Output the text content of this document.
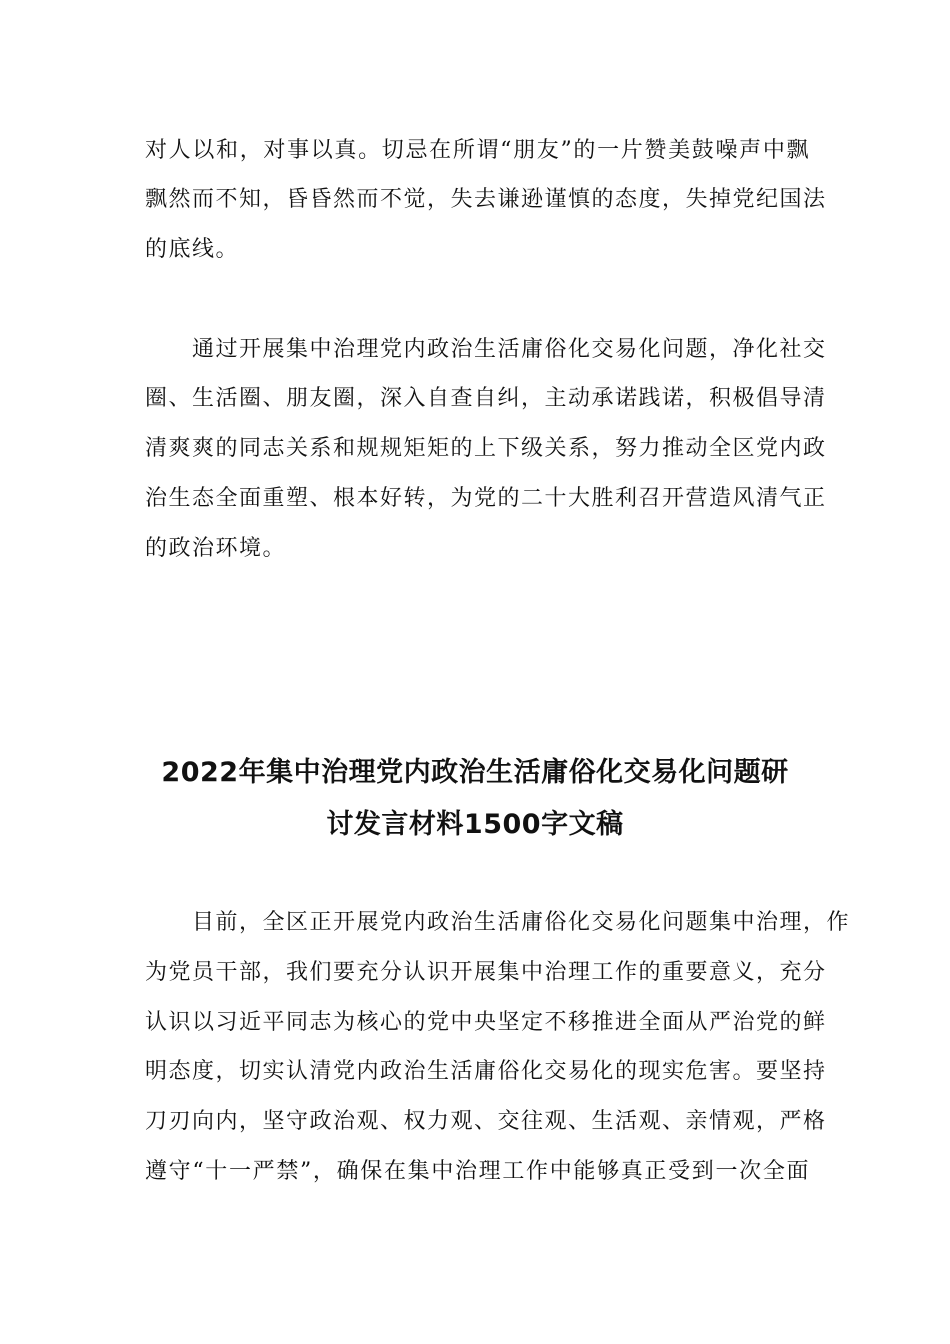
对人以和，对事以真。切忌在所谓“朋友”的一片赞美鼓噪声中飘
飘然而不知，昏昏然而不觉，失去谦逊谨慎的态度，失掉党纪国法
的底线。
　　通过开展集中治理党内政治生活庸俗化交易化问题，净化社交
圈、生活圈、朋友圈，深入自查自纠，主动承诺践诺，积极倡导清
清爽爽的同志关系和规规矩矩的上下级关系，努力推动全区党内政
治生态全面重塑、根本好转，为党的二十大胜利召开营造风清气正
的政治环境。
2022年集中治理党内政治生活庸俗化交易化问题研
讨发言材料1500字文稿
　　目前，全区正开展党内政治生活庸俗化交易化问题集中治理，作
为党员干部，我们要充分认识开展集中治理工作的重要意义，充分
认识以习近平同志为核心的党中央坚定不移推进全面从严治党的鲜
明态度，切实认清党内政治生活庸俗化交易化的现实危害。要坚持
刀刃向内，坚守政治观、权力观、交往观、生活观、亲情观，严格
遵守“十一严禁”，确保在集中治理工作中能够真正受到一次全面
